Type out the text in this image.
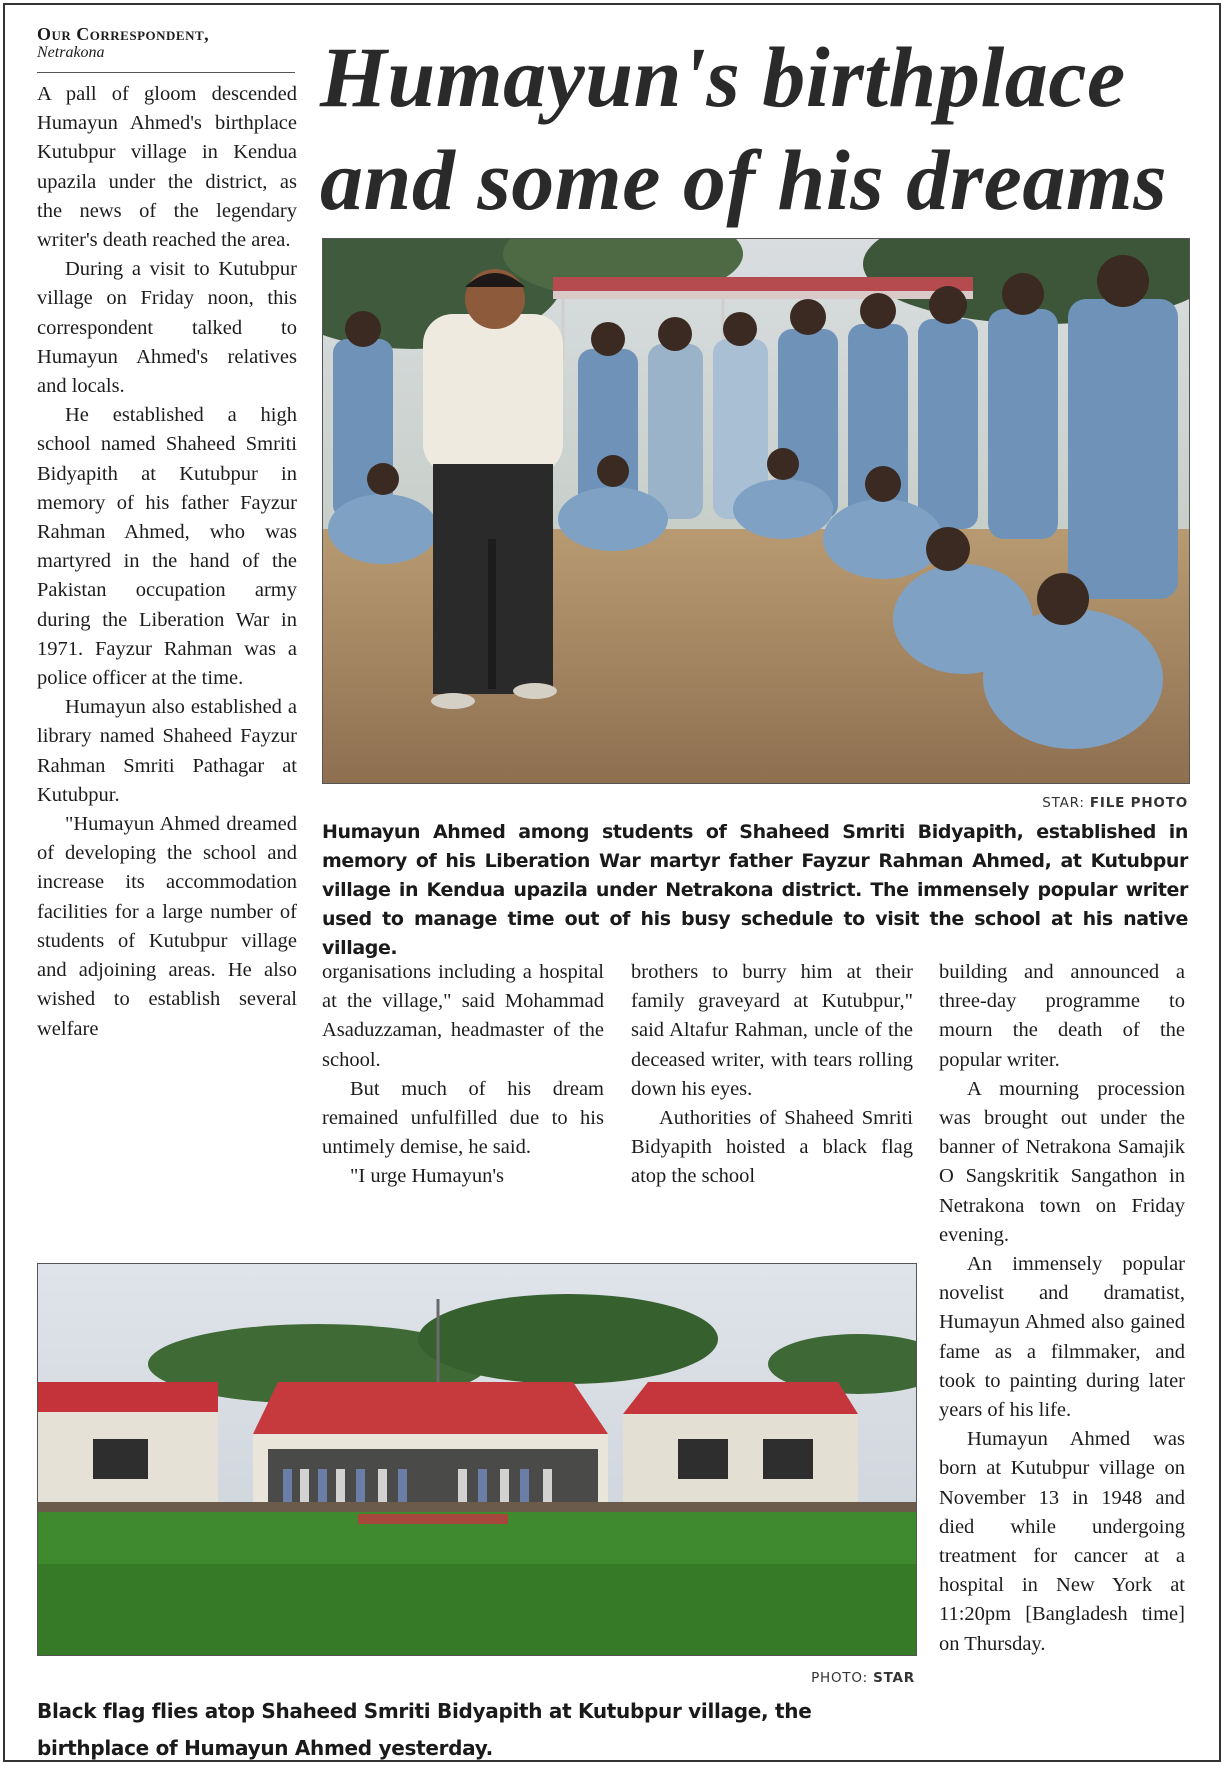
Our Correspondent,
Netrakona	Humayun's birthplace
and some of his dreams

A pall of gloom descended Humayun Ahmed's birthplace Kutubpur village in Kendua upazila under the district, as the news of the legendary writer's death reached the area.

During a visit to Kutubpur village on Friday noon, this correspondent talked to Humayun Ahmed's relatives and locals.

He established a high school named Shaheed Smriti Bidyapith at Kutubpur in memory of his father Fayzur Rahman Ahmed, who was martyred in the hand of the Pakistan occupation army during the Liberation War in 1971. Fayzur Rahman was a police officer at the time.

Humayun also established a library named Shaheed Fayzur Rahman Smriti Pathagar at Kutubpur.

"Humayun Ahmed dreamed of developing the school and increase its accommodation facilities for a large number of students of Kutubpur village and adjoining areas. He also wished to establish several welfare

STAR: FILE PHOTO
Humayun Ahmed among students of Shaheed Smriti Bidyapith, established in memory of his Liberation War martyr father Fayzur Rahman Ahmed, at Kutubpur village in Kendua upazila under Netrakona district. The immensely popular writer used to manage time out of his busy schedule to visit the school at his native village.

organisations including a hospital at the village," said Mohammad Asaduzzaman, headmaster of the school.

But much of his dream remained unfulfilled due to his untimely demise, he said.

"I urge Humayun's

brothers to burry him at their family graveyard at Kutubpur," said Altafur Rahman, uncle of the deceased writer, with tears rolling down his eyes.

Authorities of Shaheed Smriti Bidyapith hoisted a black flag atop the school

building and announced a three-day programme to mourn the death of the popular writer.

A mourning procession was brought out under the banner of Netrakona Samajik O Sangskritik Sangathon in Netrakona town on Friday evening.

An immensely popular novelist and dramatist, Humayun Ahmed also gained fame as a filmmaker, and took to painting during later years of his life.

Humayun Ahmed was born at Kutubpur village on November 13 in 1948 and died while undergoing treatment for cancer at a hospital in New York at 11:20pm [Bangladesh time] on Thursday.

PHOTO: STAR
Black flag flies atop Shaheed Smriti Bidyapith at Kutubpur village, the birthplace of Humayun Ahmed yesterday.
